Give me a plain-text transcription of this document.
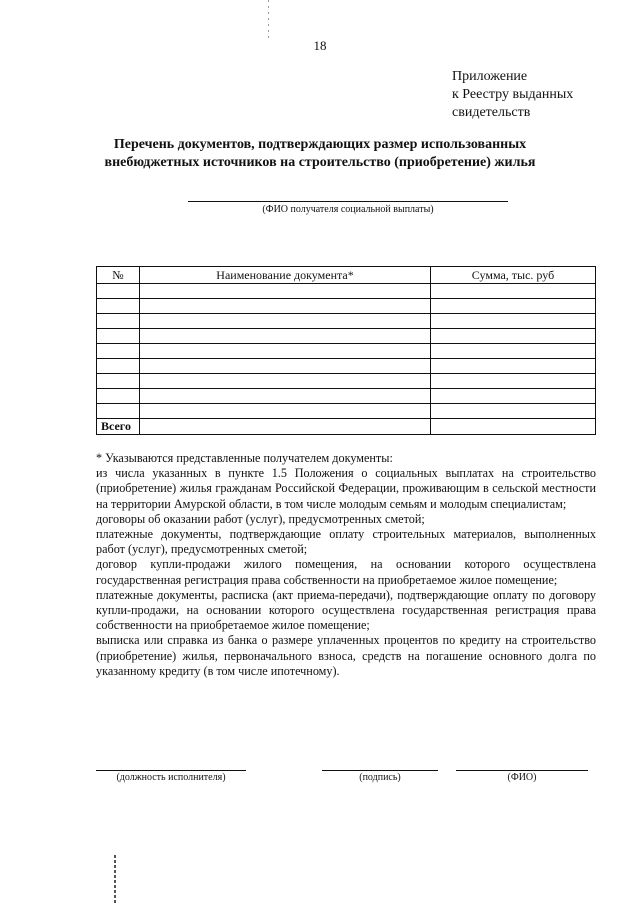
18
Приложение
к Реестру выданных
свидетельств
Перечень документов, подтверждающих размер использованных
внебюджетных источников на строительство (приобретение) жилья
(ФИО получателя социальной выплаты)
№	Наименование документа*	Сумма, тыс. руб

Всего		

* Указываются представленные получателем документы:

из числа указанных в пункте 1.5 Положения о социальных выплатах на строительство (приобретение) жилья гражданам Российской Федерации, проживающим в сельской местности на территории Амурской области, в том числе молодым семьям и молодым специалистам;

договоры об оказании работ (услуг), предусмотренных сметой;

платежные документы, подтверждающие оплату строительных материалов, выполненных работ (услуг), предусмотренных сметой;

договор купли-продажи жилого помещения, на основании которого осуществлена государственная регистрация права собственности на приобретаемое жилое помещение;

платежные документы, расписка (акт приема-передачи), подтверждающие оплату по договору купли-продажи, на основании которого осуществлена государственная регистрация права собственности на приобретаемое жилое помещение;

выписка или справка из банка о размере уплаченных процентов по кредиту на строительство (приобретение) жилья, первоначального взноса, средств на погашение основного долга по указанному кредиту (в том числе ипотечному).

(должность исполнителя)	(подпись)	(ФИО)
